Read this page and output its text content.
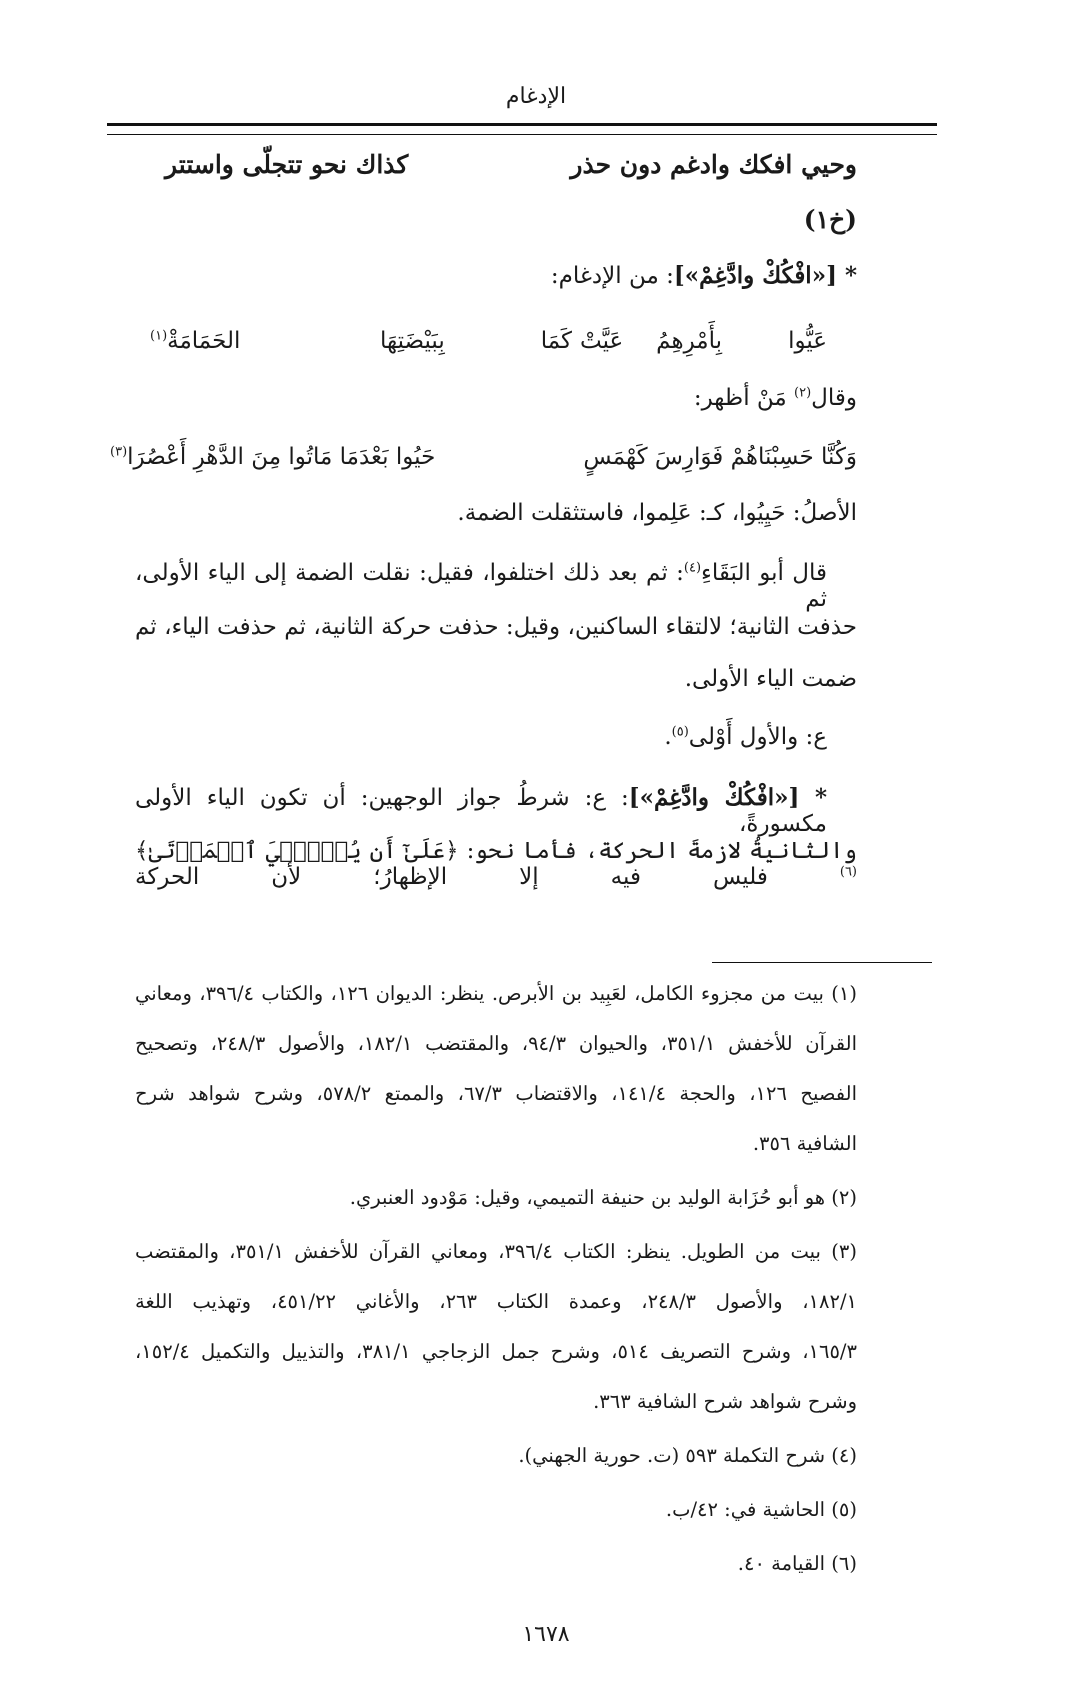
الإدغام
وحيي افكك وادغم دون حذر
كذاك نحو تتجلّى واستتر
(خ١)
* [«افْكُكْ وادَّغِمْ»]: من الإدغام:
عَيُّوا
بِأَمْرِهِمُ
كَمَا عَيَّتْ
بِبَيْضَتِهَا
الحَمَامَةْ$^{(١)}$
وقال$^{(٢)}$ مَنْ أظهر:
وَكُنَّا حَسِبْنَاهُمْ فَوَارِسَ كَهْمَسٍ
حَيُوا بَعْدَمَا مَاتُوا مِنَ الدَّهْرِ أَعْصُرَا$^{(٣)}$
الأصلُ: حَيِيُوا، كـ: عَلِموا، فاستثقلت الضمة.
قال أبو البَقَاءِ$^{(٤)}$: ثم بعد ذلك اختلفوا، فقيل: نقلت الضمة إلى الياء الأولى، ثم
حذفت الثانية؛ لالتقاء الساكنين، وقيل: حذفت حركة الثانية، ثم حذفت الياء، ثم
ضمت الياء الأولى.
ع: والأول أَوْلى$^{(٥)}$.
* [«افْكُكْ وادَّغِمْ»]: ع: شرطُ جواز الوجهين: أن تكون الياء الأولى مكسورةً،
والثانيةُ لازمةَ الحركة، فأما نحو: ﴿عَلَىٰٓ أَن يُحۡـِۧيَ ٱلۡمَوۡتَىٰ﴾$^{(٦)}$ فليس فيه إلا الإظهارُ؛ لأن الحركة
(١) بيت من مجزوء الكامل، لعَبِيد بن الأبرص. ينظر: الديوان ١٢٦، والكتاب ٣٩٦/٤، ومعاني
القرآن للأخفش ٣٥١/١، والحيوان ٩٤/٣، والمقتضب ١٨٢/١، والأصول ٢٤٨/٣، وتصحيح
الفصيح ١٢٦، والحجة ١٤١/٤، والاقتضاب ٦٧/٣، والممتع ٥٧٨/٢، وشرح شواهد شرح
الشافية ٣٥٦.
(٢) هو أبو حُزَابة الوليد بن حنيفة التميمي، وقيل: مَوْدود العنبري.
(٣) بيت من الطويل. ينظر: الكتاب ٣٩٦/٤، ومعاني القرآن للأخفش ٣٥١/١، والمقتضب
١٨٢/١، والأصول ٢٤٨/٣، وعمدة الكتاب ٢٦٣، والأغاني ٤٥١/٢٢، وتهذيب اللغة
١٦٥/٣، وشرح التصريف ٥١٤، وشرح جمل الزجاجي ٣٨١/١، والتذييل والتكميل ١٥٢/٤،
وشرح شواهد شرح الشافية ٣٦٣.
(٤) شرح التكملة ٥٩٣ (ت. حورية الجهني).
(٥) الحاشية في: ٤٢/ب.
(٦) القيامة ٤٠.
١٦٧٨
